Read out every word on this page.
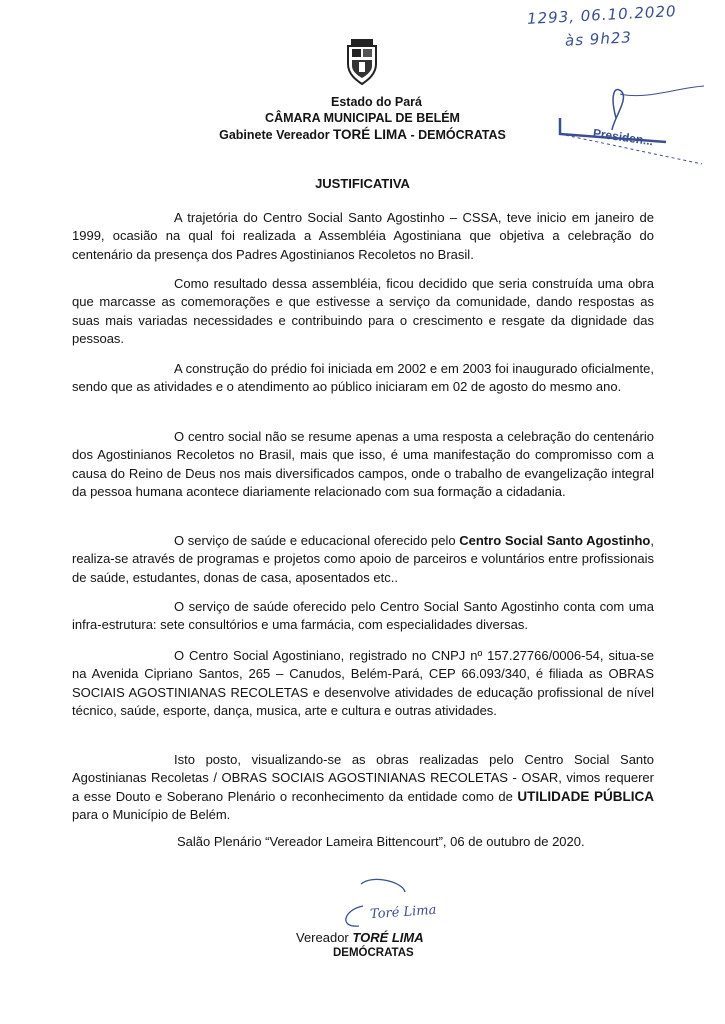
1293, 06.10.2020
às 9h23
Estado do Pará
CÂMARA MUNICIPAL DE BELÉM
Gabinete Vereador TORÉ LIMA - DEMÓCRATAS	Presiden...
JUSTIFICATIVA

A trajetória do Centro Social Santo Agostinho – CSSA, teve inicio em janeiro de 1999, ocasião na qual foi realizada a Assembléia Agostiniana que objetiva a celebração do centenário da presença dos Padres Agostinianos Recoletos no Brasil.

Como resultado dessa assembléia, ficou decidido que seria construída uma obra que marcasse as comemorações e que estivesse a serviço da comunidade, dando respostas as suas mais variadas necessidades e contribuindo para o crescimento e resgate da dignidade das pessoas.

A construção do prédio foi iniciada em 2002 e em 2003 foi inaugurado oficialmente, sendo que as atividades e o atendimento ao público iniciaram em 02 de agosto do mesmo ano.

O centro social não se resume apenas a uma resposta a celebração do centenário dos Agostinianos Recoletos no Brasil, mais que isso, é uma manifestação do compromisso com a causa do Reino de Deus nos mais diversificados campos, onde o trabalho de evangelização integral da pessoa humana acontece diariamente relacionado com sua formação a cidadania.

O serviço de saúde e educacional oferecido pelo Centro Social Santo Agostinho, realiza-se através de programas e projetos como apoio de parceiros e voluntários entre profissionais de saúde, estudantes, donas de casa, aposentados etc..

O serviço de saúde oferecido pelo Centro Social Santo Agostinho conta com uma infra-estrutura: sete consultórios e uma farmácia, com especialidades diversas.

O Centro Social Agostiniano, registrado no CNPJ nº 157.27766/0006-54, situa-se na Avenida Cipriano Santos, 265 – Canudos, Belém-Pará, CEP 66.093/340, é filiada as OBRAS SOCIAIS AGOSTINIANAS RECOLETAS e desenvolve atividades de educação profissional de nível técnico, saúde, esporte, dança, musica, arte e cultura e outras atividades.

Isto posto, visualizando-se as obras realizadas pelo Centro Social Santo Agostinianas Recoletas / OBRAS SOCIAIS AGOSTINIANAS RECOLETAS - OSAR, vimos requerer a esse Douto e Soberano Plenário o reconhecimento da entidade como de UTILIDADE PÚBLICA para o Município de Belém.

Salão Plenário “Vereador Lameira Bittencourt”, 06 de outubro de 2020.
Toré Lima
Vereador TORÉ LIMA
DEMÓCRATAS
